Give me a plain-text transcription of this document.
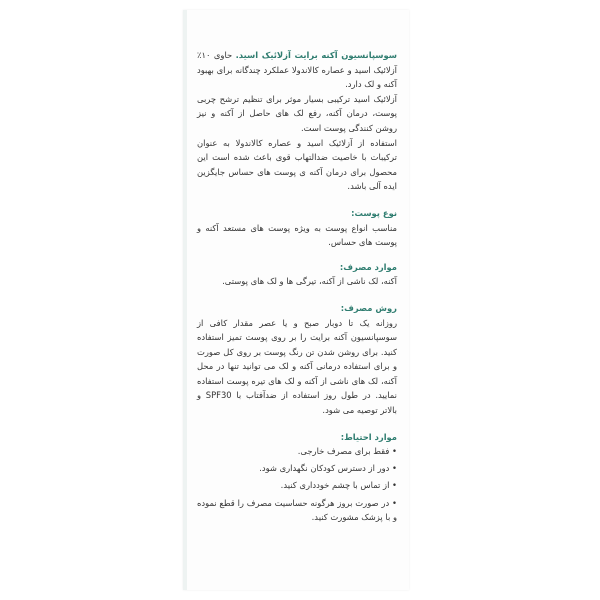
سوسپانسیون آکنه برایت آزلائیک اسید. حاوی ۱۰٪ آزلائیک اسید و عصاره کالاندولا عملکرد چندگانه برای بهبود آکنه و لک دارد.

آزلائیک اسید ترکیبی بسیار موثر برای تنظیم ترشح چربی پوست، درمان آکنه، رفع لک های حاصل از آکنه و نیز روشن کنندگی پوست است.

استفاده از آزلائیک اسید و عصاره کالاندولا به عنوان ترکیبات با خاصیت ضدالتهاب قوی باعث شده است این محصول برای درمان آکنه ی پوست های حساس جایگزین ایده آلی باشد.

نوع پوست:

مناسب انواع پوست به ویژه پوست های مستعد آکنه و پوست های حساس.

موارد مصرف:

آکنه، لک ناشی از آکنه، تیرگی ها و لک های پوستی.

روش مصرف:

روزانه یک تا دوبار صبح و یا عصر مقدار کافی از سوسپانسیون آکنه برایت را بر روی پوست تمیز استفاده کنید. برای روشن شدن تن رنگ پوست بر روی کل صورت و برای استفاده درمانی آکنه و لک می توانید تنها در محل آکنه، لک های ناشی از آکنه و لک های تیره پوست استفاده نمایید. در طول روز استفاده از ضدآفتاب با SPF30 و بالاتر توصیه می شود.

موارد احتیاط:
• فقط برای مصرف خارجی.
• دور از دسترس کودکان نگهداری شود.
• از تماس با چشم خودداری کنید.
• در صورت بروز هرگونه حساسیت مصرف را قطع نموده و با پزشک مشورت کنید.
